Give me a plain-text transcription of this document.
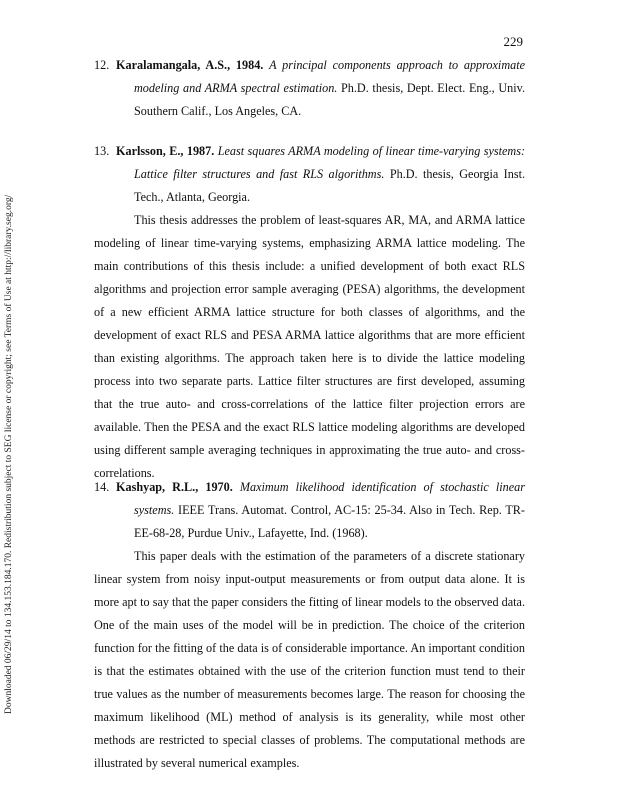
229
Downloaded 06/29/14 to 134.153.184.170. Redistribution subject to SEG license or copyright; see Terms of Use at http://library.seg.org/
12. Karalamangala, A.S., 1984. A principal components approach to approximate modeling and ARMA spectral estimation. Ph.D. thesis, Dept. Elect. Eng., Univ. Southern Calif., Los Angeles, CA.
13. Karlsson, E., 1987. Least squares ARMA modeling of linear time-varying systems: Lattice filter structures and fast RLS algorithms. Ph.D. thesis, Georgia Inst. Tech., Atlanta, Georgia.

This thesis addresses the problem of least-squares AR, MA, and ARMA lattice modeling of linear time-varying systems, emphasizing ARMA lattice modeling. The main contributions of this thesis include: a unified development of both exact RLS algorithms and projection error sample averaging (PESA) algorithms, the development of a new efficient ARMA lattice structure for both classes of algorithms, and the development of exact RLS and PESA ARMA lattice algorithms that are more efficient than existing algorithms. The approach taken here is to divide the lattice modeling process into two separate parts. Lattice filter structures are first developed, assuming that the true auto- and cross-correlations of the lattice filter projection errors are available. Then the PESA and the exact RLS lattice modeling algorithms are developed using different sample averaging techniques in approximating the true auto- and cross-correlations.

14. Kashyap, R.L., 1970. Maximum likelihood identification of stochastic linear systems. IEEE Trans. Automat. Control, AC-15: 25-34. Also in Tech. Rep. TR-EE-68-28, Purdue Univ., Lafayette, Ind. (1968).

This paper deals with the estimation of the parameters of a discrete stationary linear system from noisy input-output measurements or from output data alone. It is more apt to say that the paper considers the fitting of linear models to the observed data. One of the main uses of the model will be in prediction. The choice of the criterion function for the fitting of the data is of considerable importance. An important condition is that the estimates obtained with the use of the criterion function must tend to their true values as the number of measurements becomes large. The reason for choosing the maximum likelihood (ML) method of analysis is its generality, while most other methods are restricted to special classes of problems. The computational methods are illustrated by several numerical examples.
